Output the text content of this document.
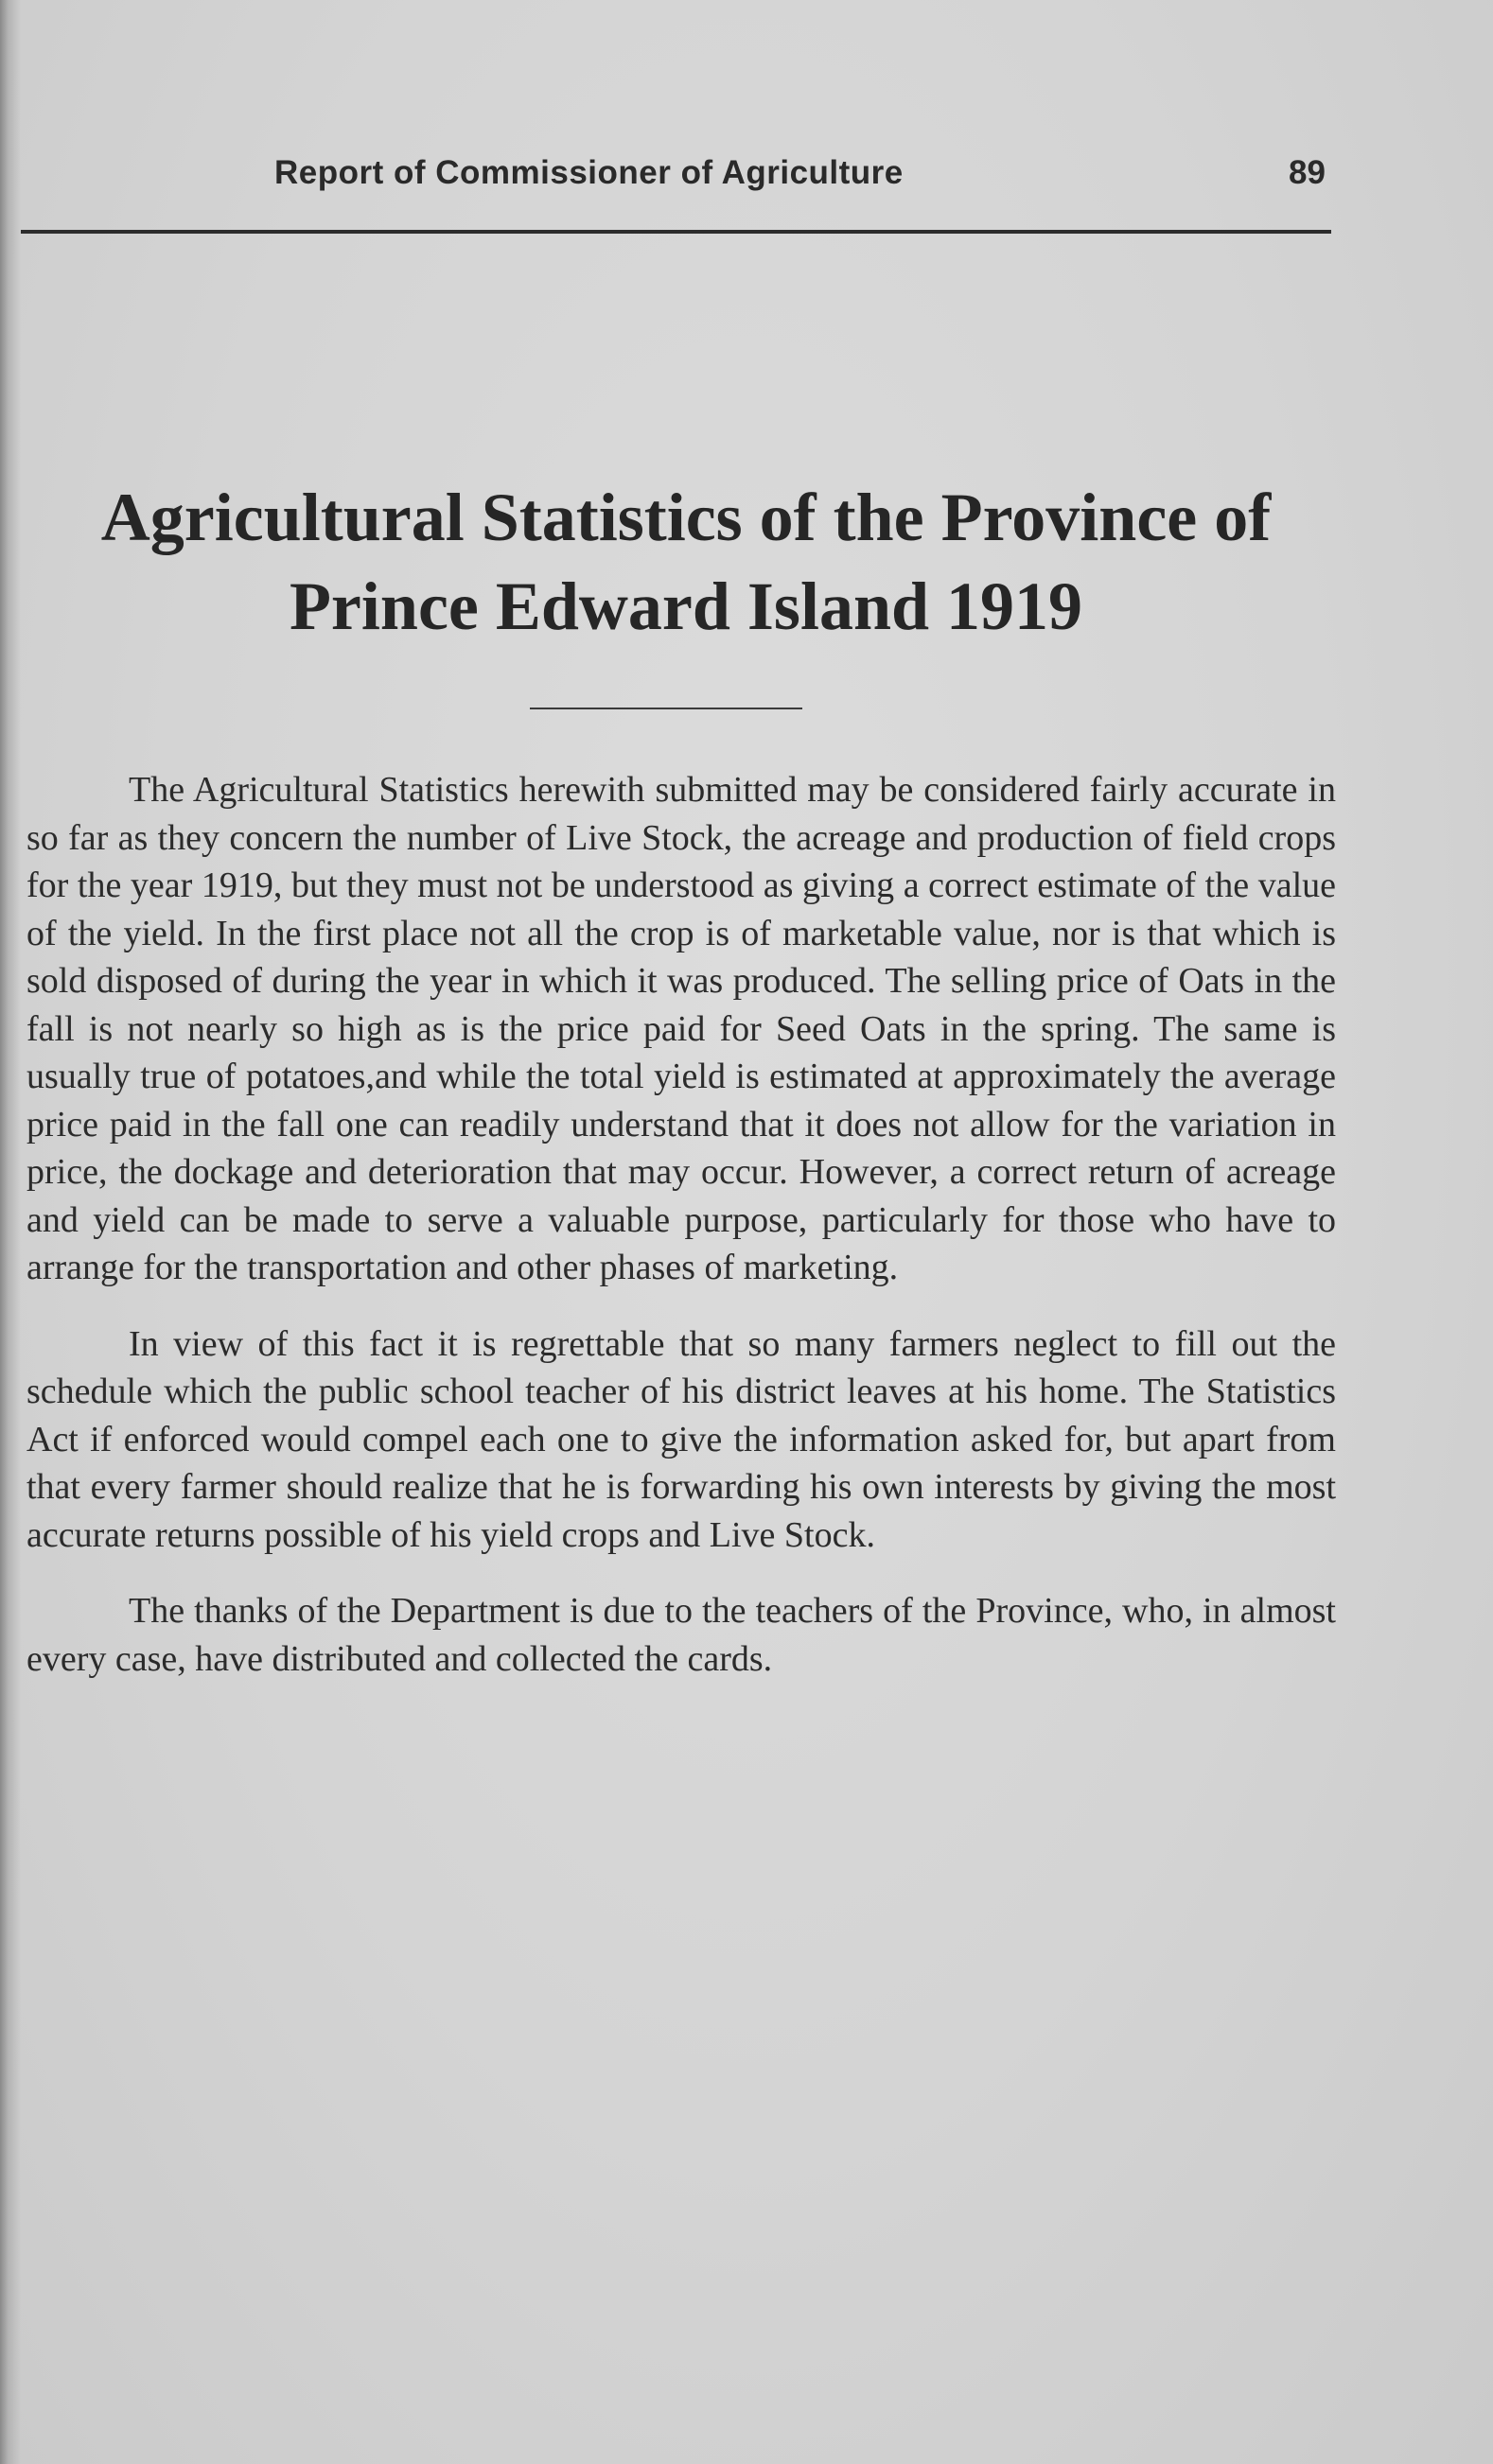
Report of Commissioner of Agriculture	89
Agricultural Statistics of the Province of
Prince Edward Island 1919

The Agricultural Statistics herewith submitted may be considered fairly accurate in so far as they concern the number of Live Stock, the acreage and production of field crops for the year 1919, but they must not be understood as giving a correct estimate of the value of the yield. In the first place not all the crop is of marketable value, nor is that which is sold disposed of during the year in which it was produced. The selling price of Oats in the fall is not nearly so high as is the price paid for Seed Oats in the spring. The same is usually true of potatoes,and while the total yield is estimated at approximately the average price paid in the fall one can readily understand that it does not allow for the variation in price, the dockage and deterioration that may occur. However, a correct return of acreage and yield can be made to serve a valuable purpose, particularly for those who have to arrange for the transportation and other phases of marketing.

In view of this fact it is regrettable that so many farmers neglect to fill out the schedule which the public school teacher of his district leaves at his home. The Statistics Act if enforced would compel each one to give the information asked for, but apart from that every farmer should realize that he is forwarding his own interests by giving the most accurate returns possible of his yield crops and Live Stock.

The thanks of the Department is due to the teachers of the Province, who, in almost every case, have distributed and collected the cards.
